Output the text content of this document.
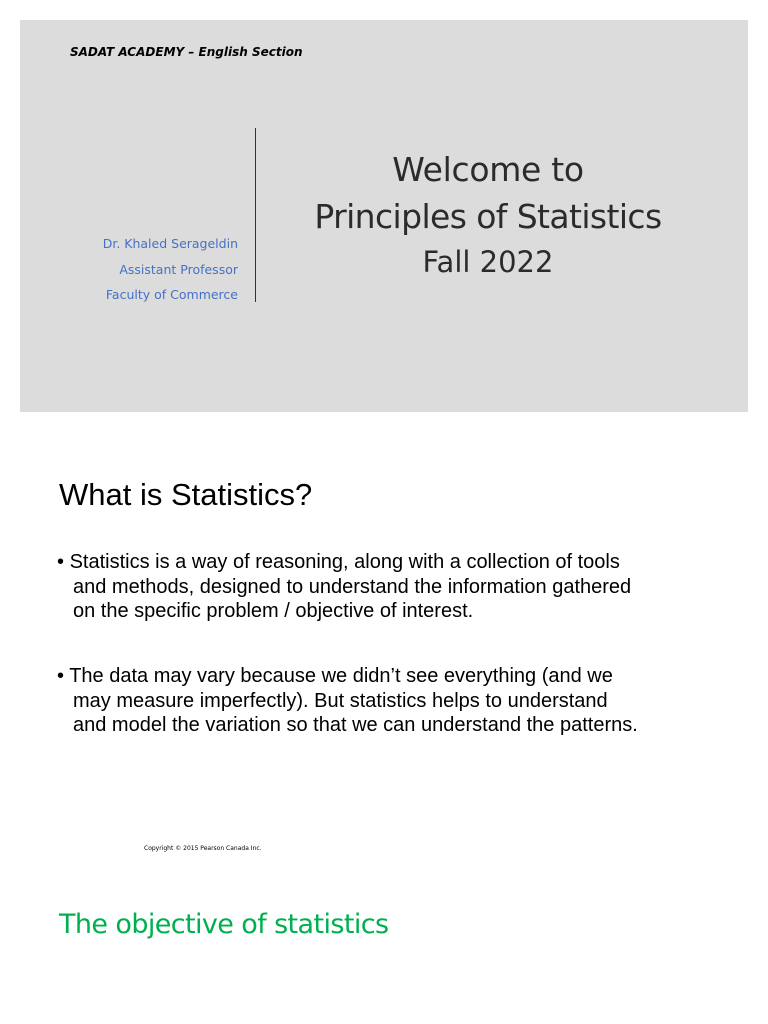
SADAT ACADEMY – English Section
Dr. Khaled Serageldin
Assistant Professor
Faculty of Commerce
Welcome to
Principles of Statistics
Fall 2022
What is Statistics?
• Statistics is a way of reasoning, along with a collection of tools
and methods, designed to understand the information gathered
on the specific problem / objective of interest.
• The data may vary because we didn’t see everything (and we
may measure imperfectly). But statistics helps to understand
and model the variation so that we can understand the patterns.
Copyright © 2015 Pearson Canada Inc.
The objective of statistics
